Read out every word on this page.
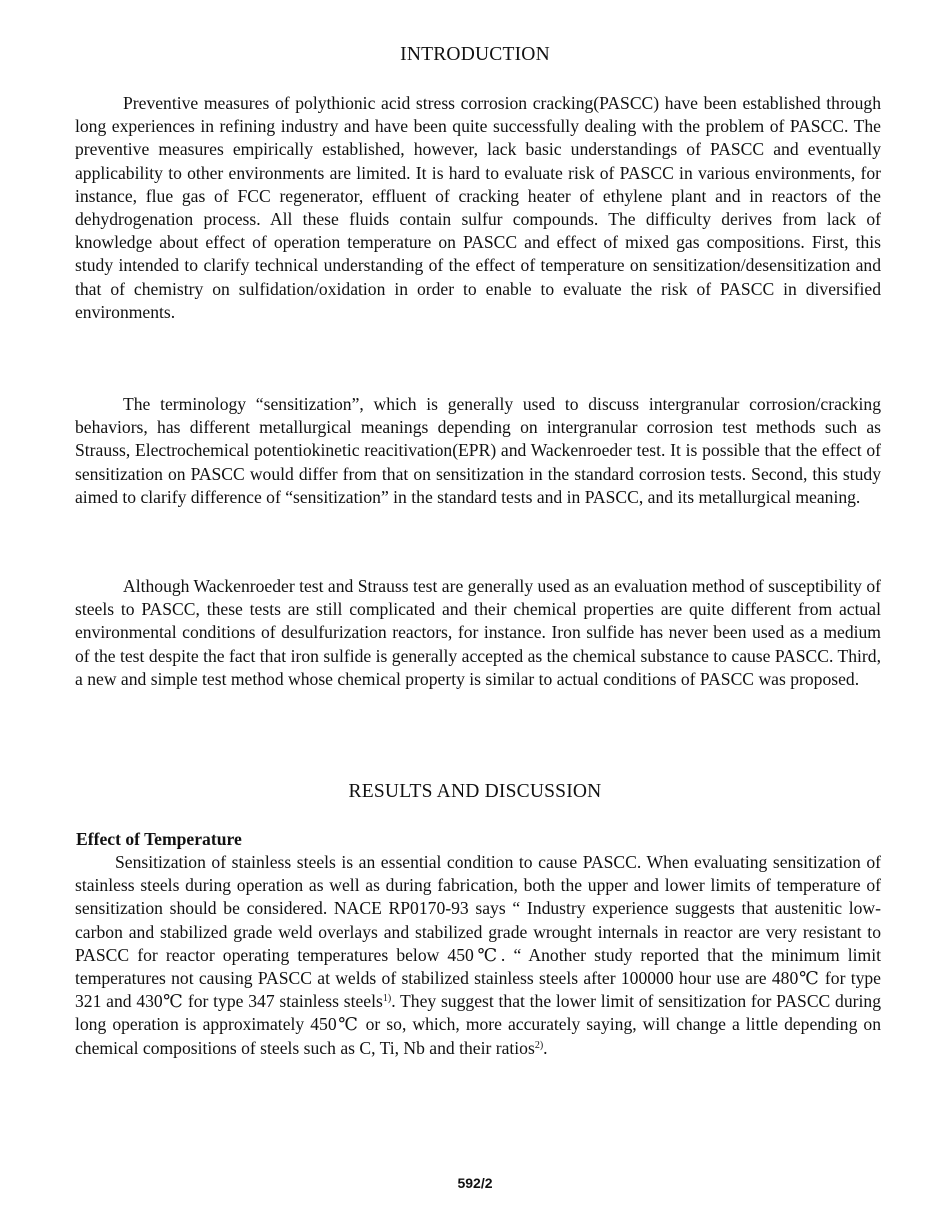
INTRODUCTION

Preventive measures of polythionic acid stress corrosion cracking(PASCC) have been established through long experiences in refining industry and have been quite successfully dealing with the problem of PASCC. The preventive measures empirically established, however, lack basic understandings of PASCC and eventually applicability to other environments are limited. It is hard to evaluate risk of PASCC in various environments, for instance, flue gas of FCC regenerator, effluent of cracking heater of ethylene plant and in reactors of the dehydrogenation process. All these fluids contain sulfur compounds. The difficulty derives from lack of knowledge about effect of operation temperature on PASCC and effect of mixed gas compositions. First, this study intended to clarify technical understanding of the effect of temperature on sensitization/desensitization and that of chemistry on sulfidation/oxidation in order to enable to evaluate the risk of PASCC in diversified environments.

The terminology “sensitization”, which is generally used to discuss intergranular corrosion/cracking behaviors, has different metallurgical meanings depending on intergranular corrosion test methods such as Strauss, Electrochemical potentiokinetic reacitivation(EPR) and Wackenroeder test. It is possible that the effect of sensitization on PASCC would differ from that on sensitization in the standard corrosion tests. Second, this study aimed to clarify difference of “sensitization” in the standard tests and in PASCC, and its metallurgical meaning.

Although Wackenroeder test and Strauss test are generally used as an evaluation method of susceptibility of steels to PASCC, these tests are still complicated and their chemical properties are quite different from actual environmental conditions of desulfurization reactors, for instance. Iron sulfide has never been used as a medium of the test despite the fact that iron sulfide is generally accepted as the chemical substance to cause PASCC. Third, a new and simple test method whose chemical property is similar to actual conditions of PASCC was proposed.

RESULTS AND DISCUSSION
Effect of Temperature

Sensitization of stainless steels is an essential condition to cause PASCC. When evaluating sensitization of stainless steels during operation as well as during fabrication, both the upper and lower limits of temperature of sensitization should be considered. NACE RP0170-93 says “ Industry experience suggests that austenitic low-carbon and stabilized grade weld overlays and stabilized grade wrought internals in reactor are very resistant to PASCC for reactor operating temperatures below 450℃. “ Another study reported that the minimum limit temperatures not causing PASCC at welds of stabilized stainless steels after 100000 hour use are 480℃ for type 321 and 430℃ for type 347 stainless steels$^{1)}$. They suggest that the lower limit of sensitization for PASCC during long operation is approximately 450℃ or so, which, more accurately saying, will change a little depending on chemical compositions of steels such as C, Ti, Nb and their ratios$^{2)}$.

592/2
